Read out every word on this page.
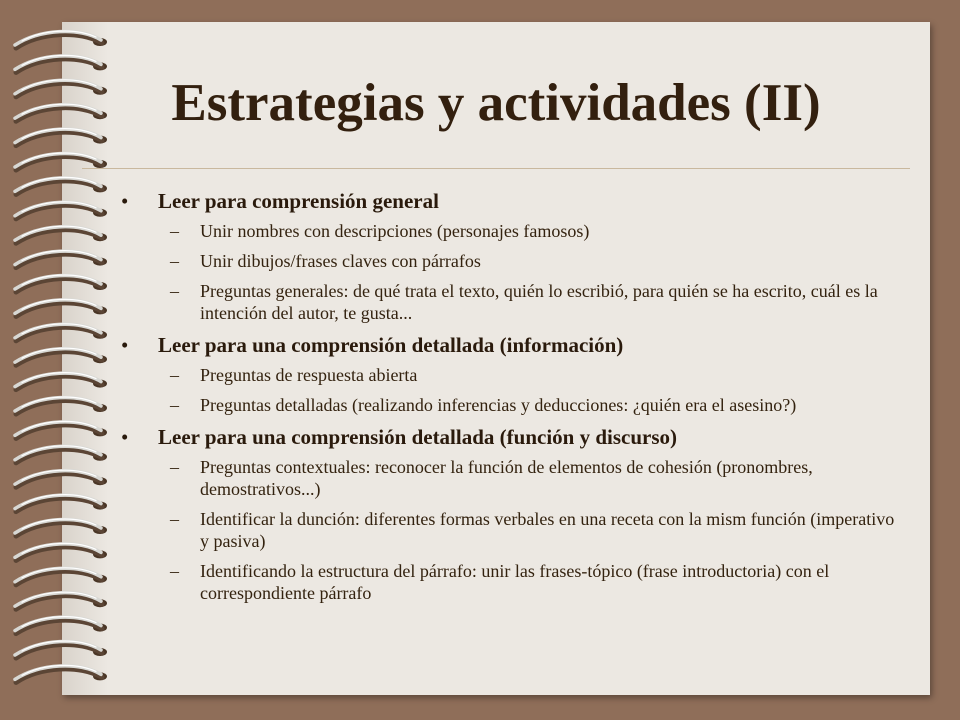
Estrategias y actividades (II)
• Leer para comprensión general
– Unir nombres con descripciones (personajes famosos)
– Unir dibujos/frases claves con párrafos
– Preguntas generales: de qué trata el texto, quién lo escribió, para quién se ha escrito, cuál es la intención del autor, te gusta...
• Leer para una comprensión detallada (información)
– Preguntas de respuesta abierta
– Preguntas detalladas (realizando inferencias y deducciones: ¿quién era el asesino?)
• Leer para una comprensión detallada (función y discurso)
– Preguntas contextuales: reconocer la función de elementos de cohesión (pronombres, demostrativos...)
– Identificar la dunción: diferentes formas verbales en una receta con la mism función (imperativo y pasiva)
– Identificando la estructura del párrafo: unir las frases-tópico (frase introductoria) con el correspondiente párrafo
